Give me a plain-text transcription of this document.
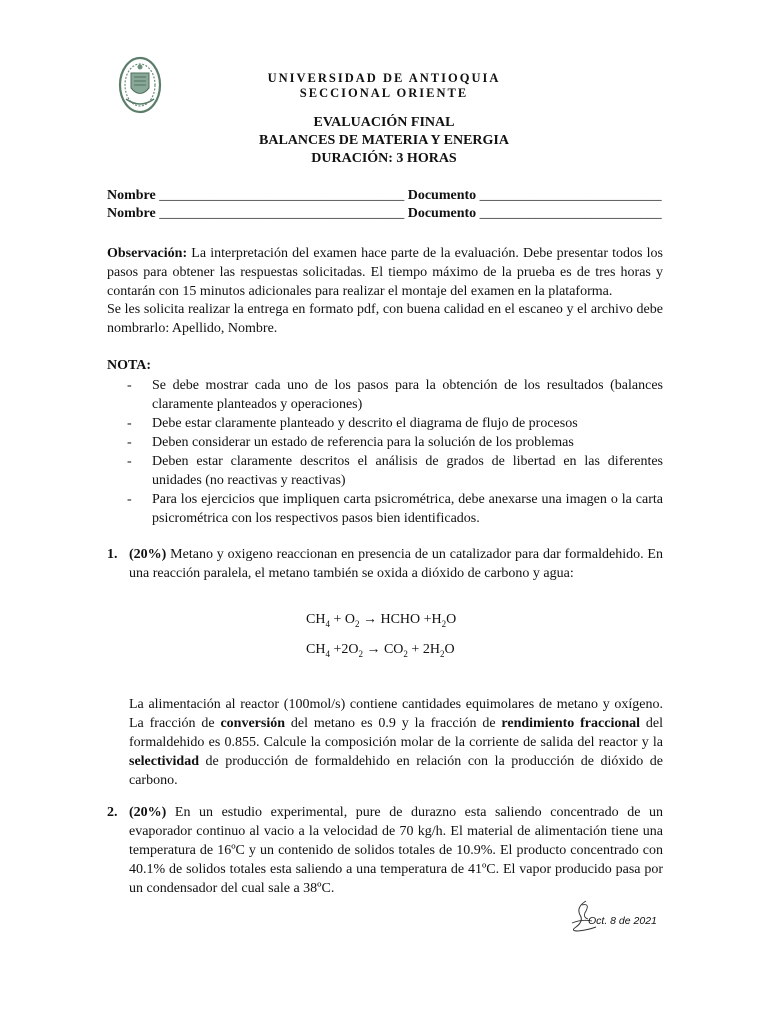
UNIVERSIDAD DE ANTIOQUIA
SECCIONAL ORIENTE
EVALUACIÓN FINAL
BALANCES DE MATERIA Y ENERGIA
DURACIÓN: 3 HORAS
Nombre ___________________________________ Documento __________________________
Nombre ___________________________________ Documento __________________________
Observación: La interpretación del examen hace parte de la evaluación. Debe presentar todos los pasos para obtener las respuestas solicitadas. El tiempo máximo de la prueba es de tres horas y contarán con 15 minutos adicionales para realizar el montaje del examen en la plataforma.
Se les solicita realizar la entrega en formato pdf, con buena calidad en el escaneo y el archivo debe nombrarlo: Apellido, Nombre.
NOTA:
- Se debe mostrar cada uno de los pasos para la obtención de los resultados (balances claramente planteados y operaciones)
- Debe estar claramente planteado y descrito el diagrama de flujo de procesos
- Deben considerar un estado de referencia para la solución de los problemas
- Deben estar claramente descritos el análisis de grados de libertad en las diferentes unidades (no reactivas y reactivas)
- Para los ejercicios que impliquen carta psicrométrica, debe anexarse una imagen o la carta psicrométrica con los respectivos pasos bien identificados.
1. (20%) Metano y oxigeno reaccionan en presencia de un catalizador para dar formaldehido. En una reacción paralela, el metano también se oxida a dióxido de carbono y agua:
$CH_4 + O_2$ → HCHO $+H_2O$
$CH_4 +2O_2 \to CO_2 + 2H_2O$
La alimentación al reactor (100mol/s) contiene cantidades equimolares de metano y oxígeno. La fracción de conversión del metano es 0.9 y la fracción de rendimiento fraccional del formaldehido es 0.855. Calcule la composición molar de la corriente de salida del reactor y la selectividad de producción de formaldehido en relación con la producción de dióxido de carbono.
2. (20%) En un estudio experimental, pure de durazno esta saliendo concentrado de un evaporador continuo al vacio a la velocidad de 70 kg/h. El material de alimentación tiene una temperatura de 16ºC y un contenido de solidos totales de 10.9%. El producto concentrado con 40.1% de solidos totales esta saliendo a una temperatura de 41ºC. El vapor producido pasa por un condensador del cual sale a 38ºC.
Oct. 8 de 2021
